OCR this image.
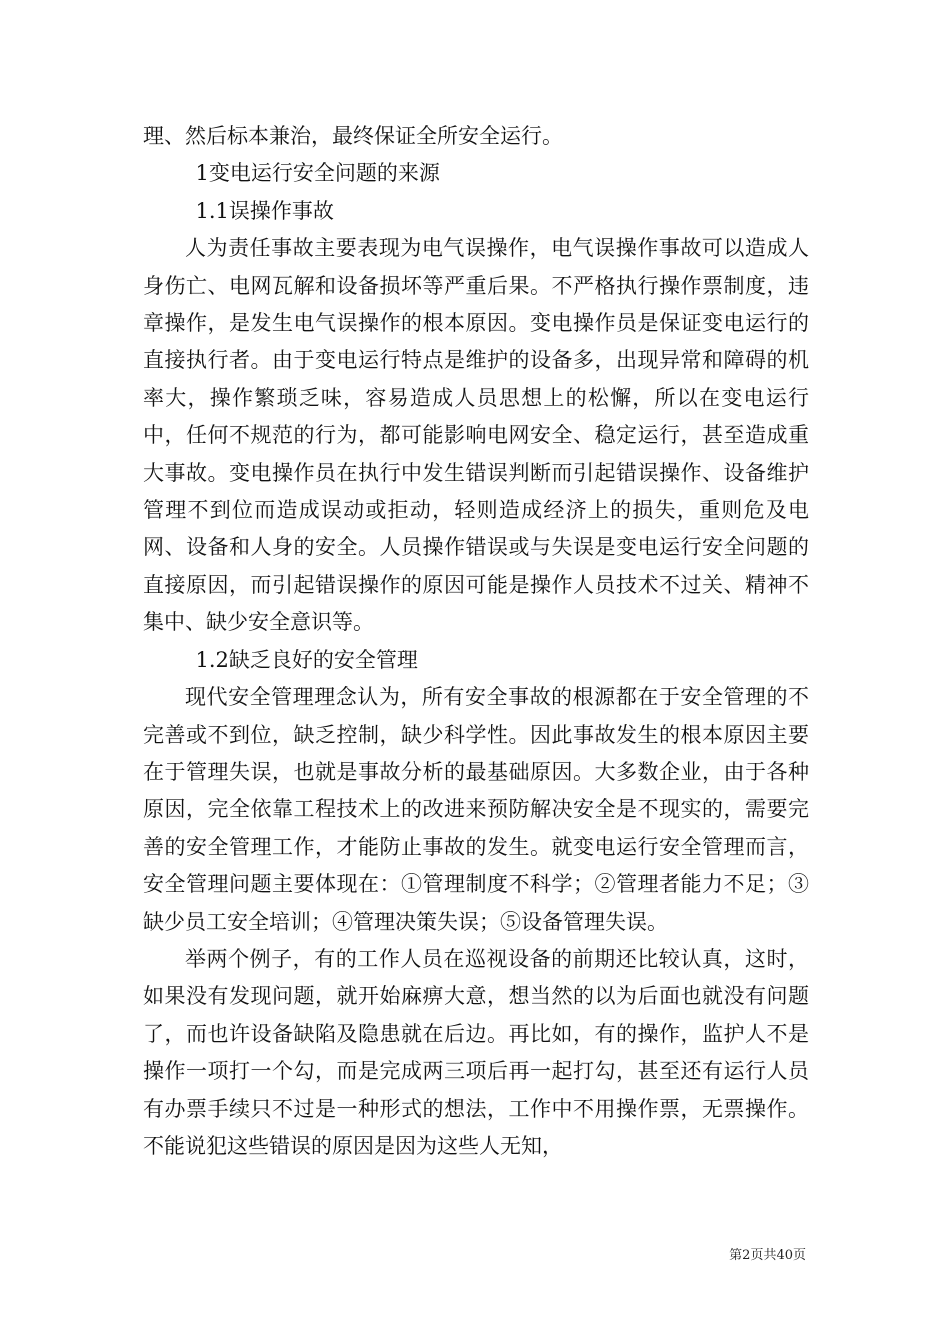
理、然后标本兼治，最终保证全所安全运行。

1变电运行安全问题的来源

1.1误操作事故

人为责任事故主要表现为电气误操作，电气误操作事故可以造成人身伤亡、电网瓦解和设备损坏等严重后果。不严格执行操作票制度，违章操作，是发生电气误操作的根本原因。变电操作员是保证变电运行的直接执行者。由于变电运行特点是维护的设备多，出现异常和障碍的机率大，操作繁琐乏味，容易造成人员思想上的松懈，所以在变电运行中，任何不规范的行为，都可能影响电网安全、稳定运行，甚至造成重大事故。变电操作员在执行中发生错误判断而引起错误操作、设备维护管理不到位而造成误动或拒动，轻则造成经济上的损失，重则危及电网、设备和人身的安全。人员操作错误或与失误是变电运行安全问题的直接原因，而引起错误操作的原因可能是操作人员技术不过关、精神不集中、缺少安全意识等。

1.2缺乏良好的安全管理

现代安全管理理念认为，所有安全事故的根源都在于安全管理的不完善或不到位，缺乏控制，缺少科学性。因此事故发生的根本原因主要在于管理失误，也就是事故分析的最基础原因。大多数企业，由于各种原因，完全依靠工程技术上的改进来预防解决安全是不现实的，需要完善的安全管理工作，才能防止事故的发生。就变电运行安全管理而言，安全管理问题主要体现在：①管理制度不科学；②管理者能力不足；③缺少员工安全培训；④管理决策失误；⑤设备管理失误。

举两个例子，有的工作人员在巡视设备的前期还比较认真，这时，如果没有发现问题，就开始麻痹大意，想当然的以为后面也就没有问题了，而也许设备缺陷及隐患就在后边。再比如，有的操作，监护人不是操作一项打一个勾，而是完成两三项后再一起打勾，甚至还有运行人员有办票手续只不过是一种形式的想法，工作中不用操作票，无票操作。不能说犯这些错误的原因是因为这些人无知，

第2页共40页
